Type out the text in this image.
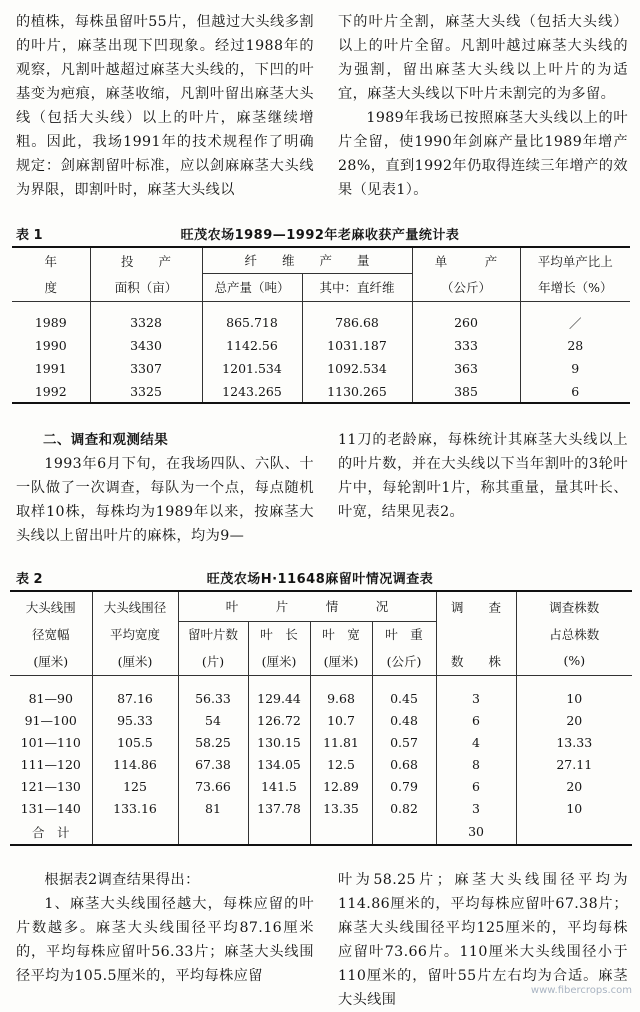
的植株，每株虽留叶55片，但越过大头线多割的叶片，麻茎出现下凹现象。经过1988年的观察，凡割叶越超过麻茎大头线的，下凹的叶基变为疤痕，麻茎收缩，凡割叶留出麻茎大头线（包括大头线）以上的叶片，麻茎继续增粗。因此，我场1991年的技术规程作了明确规定：剑麻割留叶标准，应以剑麻麻茎大头线为界限，即割叶时，麻茎大头线以

下的叶片全割，麻茎大头线（包括大头线）以上的叶片全留。凡割叶越过麻茎大头线的为强割，留出麻茎大头线以上叶片的为适宜，麻茎大头线以下叶片未割完的为多留。

1989年我场已按照麻茎大头线以上的叶片全留，使1990年剑麻产量比1989年增产28%，直到1992年仍取得连续三年增产的效果（见表1）。

表 1	旺茂农场1989—1992年老麻收获产量统计表
年	投　　产	纤　　维　　产　　量		单　　　产	平均单产比上
度	面积（亩）	总产量（吨）	其中：直纤维	（公斤）	年增长（%）

1989	3328	865.718	786.68	260	／
1990	3430	1142.56	1031.187	333	28
1991	3307	1201.534	1092.534	363	9
1992	3325	1243.265	1130.265	385	6

二、调查和观测结果

1993年6月下旬，在我场四队、六队、十一队做了一次调查，每队为一个点，每点随机取样10株，每株均为1989年以来，按麻茎大头线以上留出叶片的麻株，均为9—

11刀的老龄麻，每株统计其麻茎大头线以上的叶片数，并在大头线以下当年割叶的3轮叶片中，每轮割叶1片，称其重量，量其叶长、叶宽，结果见表2。

表 2	旺茂农场H·11648麻留叶情况调查表
大头线围	大头线围径	叶　　　片　　　情　　　况				调　　查	调查株数
径宽幅	平均宽度	留叶片数	叶　长	叶　宽	叶　重		占总株数
(厘米)	(厘米)	(片)	(厘米)	(厘米)	(公斤)	数　　株	(%)

81—90	87.16	56.33	129.44	9.68	0.45	3	10
91—100	95.33	54	126.72	10.7	0.48	6	20
101—110	105.5	58.25	130.15	11.81	0.57	4	13.33
111—120	114.86	67.38	134.05	12.5	0.68	8	27.11
121—130	125	73.66	141.5	12.89	0.79	6	20
131—140	133.16	81	137.78	13.35	0.82	3	10
合　计						30	

根据表2调查结果得出：

1、麻茎大头线围径越大，每株应留的叶片数越多。麻茎大头线围径平均87.16厘米的，平均每株应留叶56.33片；麻茎大头线围径平均为105.5厘米的，平均每株应留

叶为58.25片；麻茎大头线围径平均为114.86厘米的，平均每株应留叶67.38片；麻茎大头线围径平均125厘米的，平均每株应留叶73.66片。110厘米大头线围径小于110厘米的，留叶55片左右均为合适。麻茎大头线围

www.fibercrops.com
